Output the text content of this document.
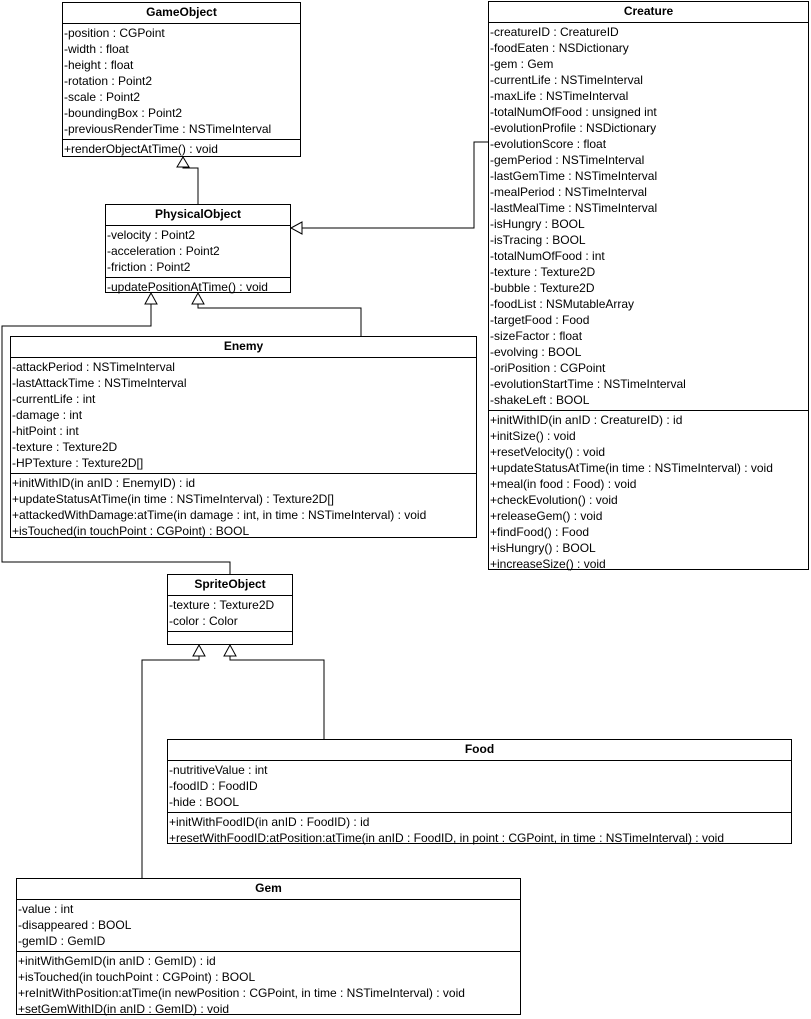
GameObject
-position : CGPoint
-width : float
-height : float
-rotation : Point2
-scale : Point2
-boundingBox : Point2
-previousRenderTime : NSTimeInterval
+renderObjectAtTime() : void
PhysicalObject
-velocity : Point2
-acceleration : Point2
-friction : Point2
-updatePositionAtTime() : void
Creature
-creatureID : CreatureID
-foodEaten : NSDictionary
-gem : Gem
-currentLife : NSTimeInterval
-maxLife : NSTimeInterval
-totalNumOfFood : unsigned int
-evolutionProfile : NSDictionary
-evolutionScore : float
-gemPeriod : NSTimeInterval
-lastGemTime : NSTimeInterval
-mealPeriod : NSTimeInterval
-lastMealTime : NSTimeInterval
-isHungry : BOOL
-isTracing : BOOL
-totalNumOfFood : int
-texture : Texture2D
-bubble : Texture2D
-foodList : NSMutableArray
-targetFood : Food
-sizeFactor : float
-evolving : BOOL
-oriPosition : CGPoint
-evolutionStartTime : NSTimeInterval
-shakeLeft : BOOL
+initWithID(in anID : CreatureID) : id
+initSize() : void
+resetVelocity() : void
+updateStatusAtTime(in time : NSTimeInterval) : void
+meal(in food : Food) : void
+checkEvolution() : void
+releaseGem() : void
+findFood() : Food
+isHungry() : BOOL
+increaseSize() : void
Enemy
-attackPeriod : NSTimeInterval
-lastAttackTime : NSTimeInterval
-currentLife : int
-damage : int
-hitPoint : int
-texture : Texture2D
-HPTexture : Texture2D[]
+initWithID(in anID : EnemyID) : id
+updateStatusAtTime(in time : NSTimeInterval) : Texture2D[]
+attackedWithDamage:atTime(in damage : int, in time : NSTimeInterval) : void
+isTouched(in touchPoint : CGPoint) : BOOL
SpriteObject
-texture : Texture2D
-color : Color
Food
-nutritiveValue : int
-foodID : FoodID
-hide : BOOL
+initWithFoodID(in anID : FoodID) : id
+resetWithFoodID:atPosition:atTime(in anID : FoodID, in point : CGPoint, in time : NSTimeInterval) : void
Gem
-value : int
-disappeared : BOOL
-gemID : GemID
+initWithGemID(in anID : GemID) : id
+isTouched(in touchPoint : CGPoint) : BOOL
+reInitWithPosition:atTime(in newPosition : CGPoint, in time : NSTimeInterval) : void
+setGemWithID(in anID : GemID) : void
